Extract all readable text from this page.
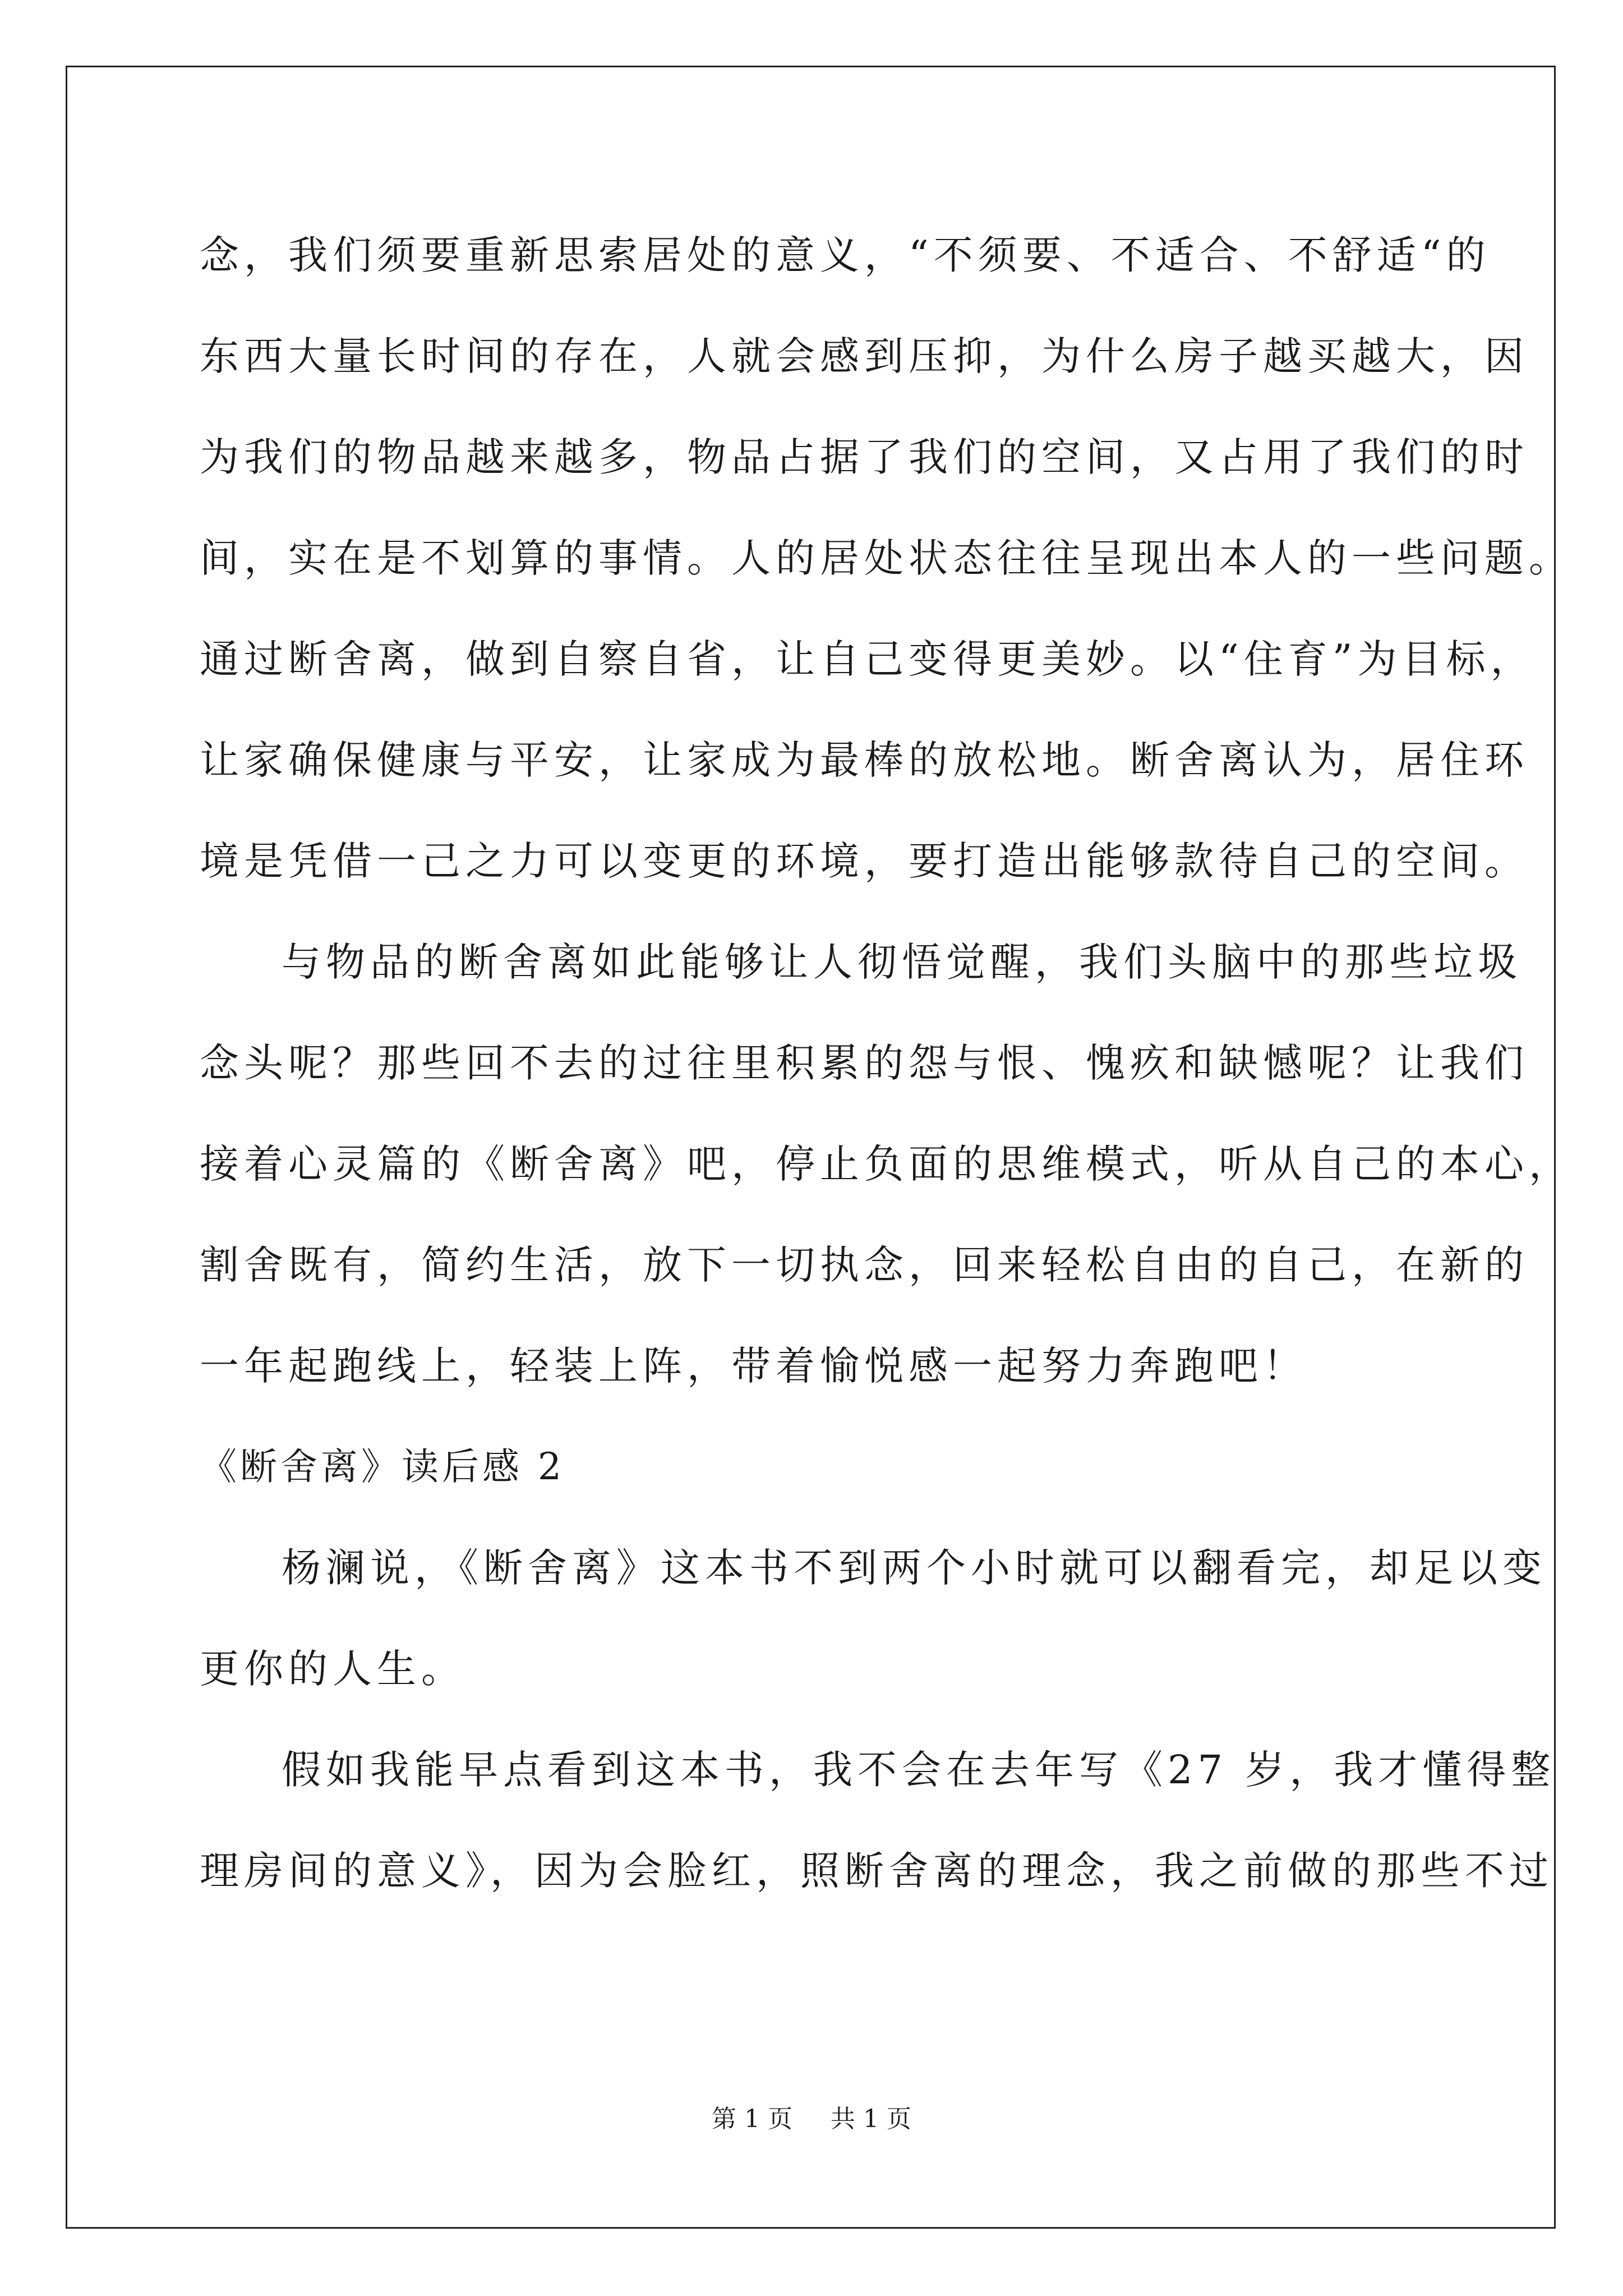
念，我们须要重新思索居处的意义，“不须要、不适合、不舒适“的
东西大量长时间的存在，人就会感到压抑，为什么房子越买越大，因
为我们的物品越来越多，物品占据了我们的空间，又占用了我们的时
间，实在是不划算的事情。人的居处状态往往呈现出本人的一些问题。
通过断舍离，做到自察自省，让自己变得更美妙。以“住育”为目标，
让家确保健康与平安，让家成为最棒的放松地。断舍离认为，居住环
境是凭借一己之力可以变更的环境，要打造出能够款待自己的空间。
与物品的断舍离如此能够让人彻悟觉醒，我们头脑中的那些垃圾
念头呢？那些回不去的过往里积累的怨与恨、愧疚和缺憾呢？让我们
接着心灵篇的《断舍离》吧，停止负面的思维模式，听从自己的本心，
割舍既有，简约生活，放下一切执念，回来轻松自由的自己，在新的
一年起跑线上，轻装上阵，带着愉悦感一起努力奔跑吧！
《断舍离》读后感 2
杨澜说，《断舍离》这本书不到两个小时就可以翻看完，却足以变
更你的人生。
假如我能早点看到这本书，我不会在去年写《27 岁，我才懂得整
理房间的意义》，因为会脸红，照断舍离的理念，我之前做的那些不过
第 1 页 共 1 页
